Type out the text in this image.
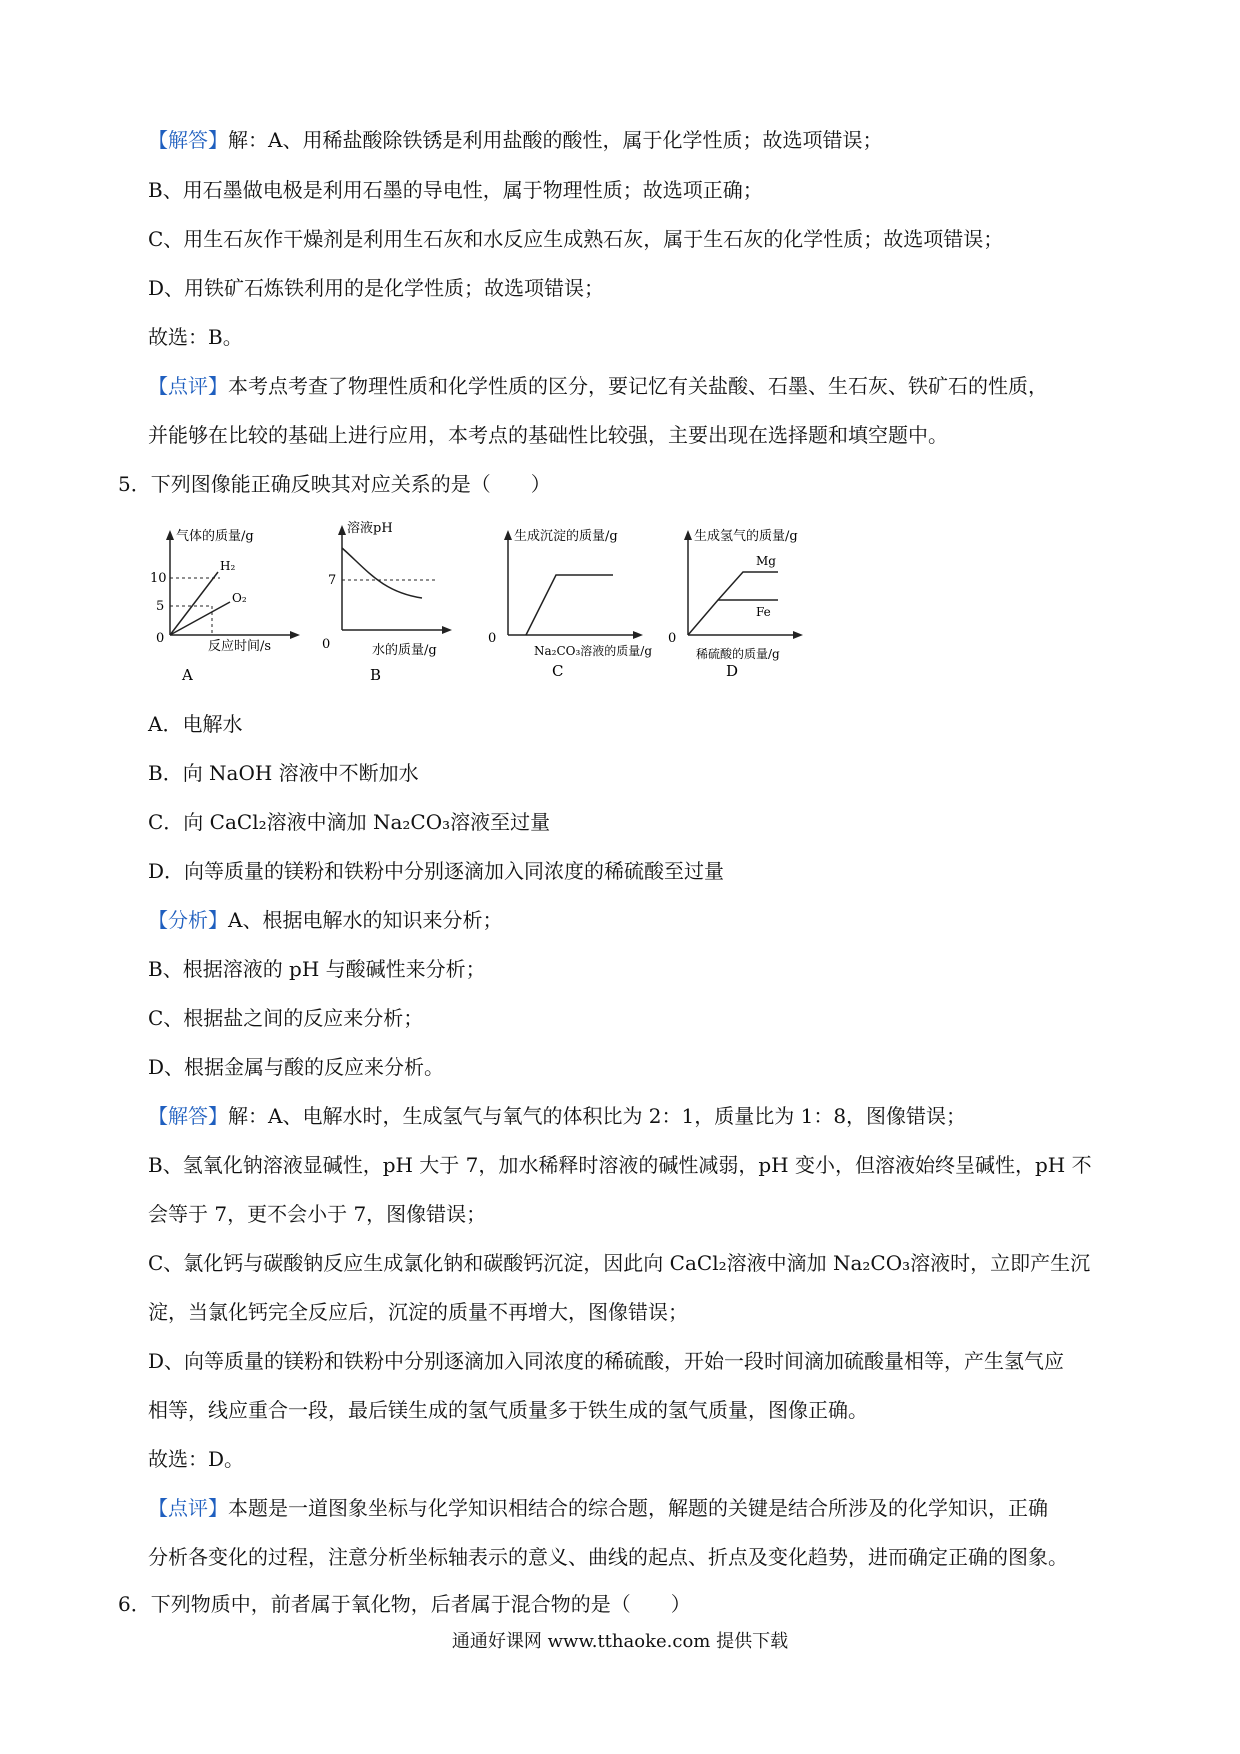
【解答】解：A、用稀盐酸除铁锈是利用盐酸的酸性，属于化学性质；故选项错误；
B、用石墨做电极是利用石墨的导电性，属于物理性质；故选项正确；
C、用生石灰作干燥剂是利用生石灰和水反应生成熟石灰，属于生石灰的化学性质；故选项错误；
D、用铁矿石炼铁利用的是化学性质；故选项错误；
故选：B。
【点评】本考点考查了物理性质和化学性质的区分，要记忆有关盐酸、石墨、生石灰、铁矿石的性质，
并能够在比较的基础上进行应用，本考点的基础性比较强，主要出现在选择题和填空题中。
5．下列图像能正确反映其对应关系的是（　　）
气体的质量/g
反应时间/s
10
5
0
H₂
O₂
A
溶液pH
水的质量/g
7
0
B
生成沉淀的质量/g
Na₂CO₃溶液的质量/g
0
C
生成氢气的质量/g
稀硫酸的质量/g
0
Mg
Fe
D
A．电解水
B．向 NaOH 溶液中不断加水
C．向 CaCl₂溶液中滴加 Na₂CO₃溶液至过量
D．向等质量的镁粉和铁粉中分别逐滴加入同浓度的稀硫酸至过量
【分析】A、根据电解水的知识来分析；
B、根据溶液的 pH 与酸碱性来分析；
C、根据盐之间的反应来分析；
D、根据金属与酸的反应来分析。
【解答】解：A、电解水时，生成氢气与氧气的体积比为 2：1，质量比为 1：8，图像错误；
B、氢氧化钠溶液显碱性，pH 大于 7，加水稀释时溶液的碱性减弱，pH 变小，但溶液始终呈碱性，pH 不
会等于 7，更不会小于 7，图像错误；
C、氯化钙与碳酸钠反应生成氯化钠和碳酸钙沉淀，因此向 CaCl₂溶液中滴加 Na₂CO₃溶液时，立即产生沉
淀，当氯化钙完全反应后，沉淀的质量不再增大，图像错误；
D、向等质量的镁粉和铁粉中分别逐滴加入同浓度的稀硫酸，开始一段时间滴加硫酸量相等，产生氢气应
相等，线应重合一段，最后镁生成的氢气质量多于铁生成的氢气质量，图像正确。
故选：D。
【点评】本题是一道图象坐标与化学知识相结合的综合题，解题的关键是结合所涉及的化学知识，正确
分析各变化的过程，注意分析坐标轴表示的意义、曲线的起点、折点及变化趋势，进而确定正确的图象。
6．下列物质中，前者属于氧化物，后者属于混合物的是（　　）
通通好课网 www.tthaoke.com 提供下载
